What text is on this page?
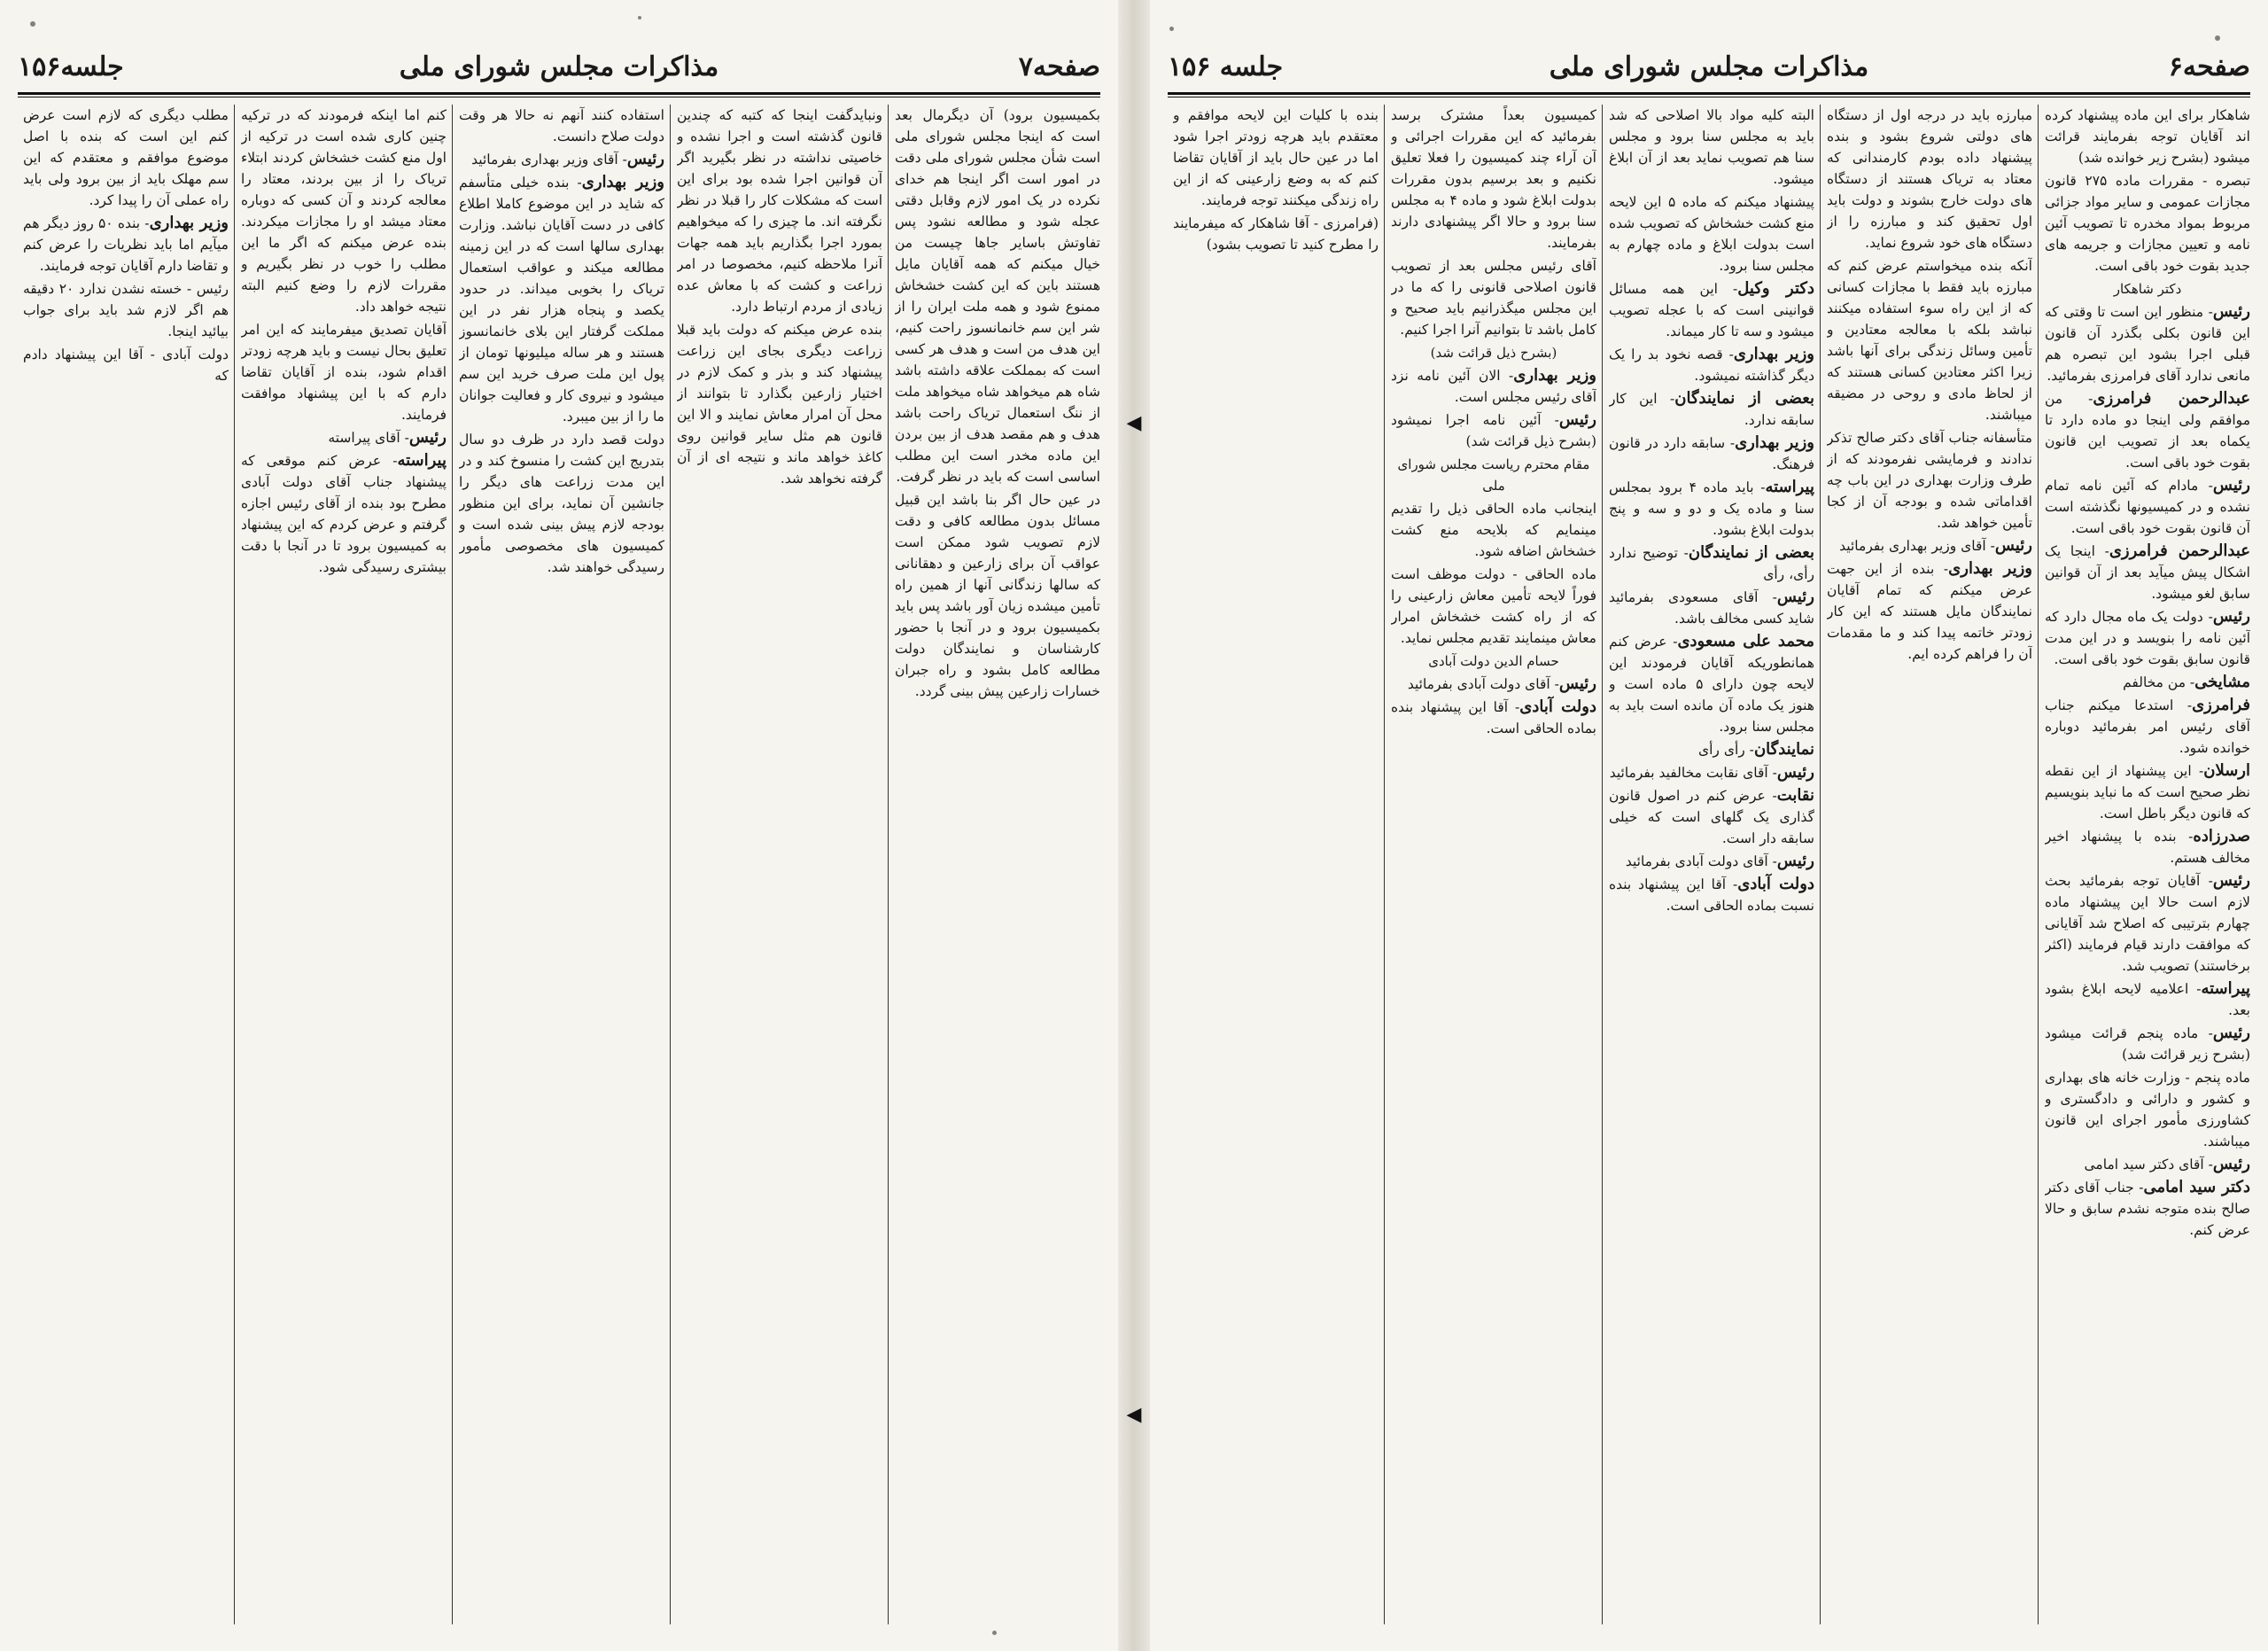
صفحه۷
مذاکرات مجلس شورای ملی
جلسه۱۵۶

بکمیسیون برود) آن دیگرمال بعد است که اینجا مجلس شورای ملی است شأن مجلس شورای ملی دقت در امور است اگر اینجا هم خدای نکرده در یک امور لازم وقابل دقتی عجله شود و مطالعه نشود پس تفاوتش باسایر جاها چیست من خیال میکنم که همه آقایان مایل هستند باین که این کشت خشخاش ممنوع شود و همه ملت ایران را از شر این سم خانمانسوز راحت کنیم، این هدف من است و هدف هر کسی است که بمملکت علاقه داشته باشد شاه هم میخواهد شاه میخواهد ملت از ننگ استعمال تریاک راحت باشد هدف و هم مقصد هدف از بین بردن این ماده مخدر است این مطلب اساسی است که باید در نظر گرفت.

در عین حال اگر بنا باشد این قبیل مسائل بدون مطالعه کافی و دقت لازم تصویب شود ممکن است عواقب آن برای زارعین و دهقانانی که سالها زندگانی آنها از همین راه تأمین میشده زیان آور باشد پس باید بکمیسیون برود و در آنجا با حضور کارشناسان و نمایندگان دولت مطالعه کامل بشود و راه جبران خسارات زارعین پیش بینی گردد.

ونبایدگفت اینجا که کتبه که چندین قانون گذشته است و اجرا نشده و خاصیتی نداشته در نظر بگیرید اگر آن قوانین اجرا شده بود برای این است که مشکلات کار را قبلا در نظر نگرفته اند. ما چیزی را که میخواهیم بمورد اجرا بگذاریم باید همه جهات آنرا ملاحظه کنیم، مخصوصا در امر زراعت و کشت که با معاش عده زیادی از مردم ارتباط دارد.

بنده عرض میکنم که دولت باید قبلا زراعت دیگری بجای این زراعت پیشنهاد کند و بذر و کمک لازم در اختیار زارعین بگذارد تا بتوانند از محل آن امرار معاش نمایند و الا این قانون هم مثل سایر قوانین روی کاغذ خواهد ماند و نتیجه ای از آن گرفته نخواهد شد.

استفاده کنند آنهم نه حالا هر وقت دولت صلاح دانست.

رئیس- آقای وزیر بهداری بفرمائید

وزیر بهداری- بنده خیلی متأسفم که شاید در این موضوع کاملا اطلاع کافی در دست آقایان نباشد. وزارت بهداری سالها است که در این زمینه مطالعه میکند و عواقب استعمال تریاک را بخوبی میداند. در حدود یکصد و پنجاه هزار نفر در این مملکت گرفتار این بلای خانمانسوز هستند و هر ساله میلیونها تومان از پول این ملت صرف خرید این سم میشود و نیروی کار و فعالیت جوانان ما را از بین میبرد.

دولت قصد دارد در ظرف دو سال بتدریج این کشت را منسوخ کند و در این مدت زراعت های دیگر را جانشین آن نماید، برای این منظور بودجه لازم پیش بینی شده است و کمیسیون های مخصوصی مأمور رسیدگی خواهند شد.

کنم اما اینکه فرمودند که در ترکیه چنین کاری شده است در ترکیه از اول منع کشت خشخاش کردند ابتلاء تریاک را از بین بردند، معتاد را معالجه کردند و آن کسی که دوباره معتاد میشد او را مجازات میکردند. بنده عرض میکنم که اگر ما این مطلب را خوب در نظر بگیریم و مقررات لازم را وضع کنیم البته نتیجه خواهد داد.

آقایان تصدیق میفرمایند که این امر تعلیق بحال نیست و باید هرچه زودتر اقدام شود، بنده از آقایان تقاضا دارم که با این پیشنهاد موافقت فرمایند.

رئیس- آقای پیراسته

پیراسته- عرض کنم موقعی که پیشنهاد جناب آقای دولت آبادی مطرح بود بنده از آقای رئیس اجازه گرفتم و عرض کردم که این پیشنهاد به کمیسیون برود تا در آنجا با دقت بیشتری رسیدگی شود.

مطلب دیگری که لازم است عرض کنم این است که بنده با اصل موضوع موافقم و معتقدم که این سم مهلک باید از بین برود ولی باید راه عملی آن را پیدا کرد.

وزیر بهداری- بنده ۵۰ روز دیگر هم میآیم اما باید نظریات را عرض کنم و تقاضا دارم آقایان توجه فرمایند.

رئیس - خسته نشدن ندارد ۲۰ دقیقه هم اگر لازم شد باید برای جواب بیائید اینجا.

دولت آبادی - آقا این پیشنهاد دادم که

◀
◀
صفحه۶
مذاکرات مجلس شورای ملی
جلسه ۱۵۶

شاهکار برای این ماده پیشنهاد کرده اند آقایان توجه بفرمایند قرائت میشود (بشرح زیر خوانده شد)

تبصره - مقررات ماده ۲۷۵ قانون مجازات عمومی و سایر مواد جزائی مربوط بمواد مخدره تا تصویب آئین نامه و تعیین مجازات و جریمه های جدید بقوت خود باقی است.

دکتر شاهکار

رئیس- منظور این است تا وقتی که این قانون بکلی بگذرد آن قانون قبلی اجرا بشود این تبصره هم مانعی ندارد آقای فرامرزی بفرمائید.

عبدالرحمن فرامرزی- من موافقم ولی اینجا دو ماده دارد تا یکماه بعد از تصویب این قانون بقوت خود باقی است.

رئیس- مادام که آئین نامه تمام نشده و در کمیسیونها نگذشته است آن قانون بقوت خود باقی است.

عبدالرحمن فرامرزی- اینجا یک اشکال پیش میآید بعد از آن قوانین سابق لغو میشود.

رئیس- دولت یک ماه مجال دارد که آئین نامه را بنویسد و در این مدت قانون سابق بقوت خود باقی است.

مشایخی- من مخالفم

فرامرزی- استدعا میکنم جناب آقای رئیس امر بفرمائید دوباره خوانده شود.

ارسلان- این پیشنهاد از این نقطه نظر صحیح است که ما نباید بنویسیم که قانون دیگر باطل است.

صدرزاده- بنده با پیشنهاد اخیر مخالف هستم.

رئیس- آقایان توجه بفرمائید بحث لازم است حالا این پیشنهاد ماده چهارم بترتیبی که اصلاح شد آقایانی که موافقت دارند قیام فرمایند (اکثر برخاستند) تصویب شد.

پیراسته- اعلامیه لایحه ابلاغ بشود بعد.

رئیس- ماده پنجم قرائت میشود (بشرح زیر قرائت شد)

ماده پنجم - وزارت خانه های بهداری و کشور و دارائی و دادگستری و کشاورزی مأمور اجرای این قانون میباشند.

رئیس- آقای دکتر سید امامی

دکتر سید امامی- جناب آقای دکتر صالح بنده متوجه نشدم سابق و حالا عرض کنم.

مبارزه باید در درجه اول از دستگاه های دولتی شروع بشود و بنده پیشنهاد داده بودم کارمندانی که معتاد به تریاک هستند از دستگاه های دولت خارج بشوند و دولت باید اول تحقیق کند و مبارزه را از دستگاه های خود شروع نماید.

آنکه بنده میخواستم عرض کنم که مبارزه باید فقط با مجازات کسانی که از این راه سوء استفاده میکنند نباشد بلکه با معالجه معتادین و تأمین وسائل زندگی برای آنها باشد زیرا اکثر معتادین کسانی هستند که از لحاظ مادی و روحی در مضیقه میباشند.

متأسفانه جناب آقای دکتر صالح تذکر ندادند و فرمایشی نفرمودند که از طرف وزارت بهداری در این باب چه اقداماتی شده و بودجه آن از کجا تأمین خواهد شد.

رئیس- آقای وزیر بهداری بفرمائید

وزیر بهداری- بنده از این جهت عرض میکنم که تمام آقایان نمایندگان مایل هستند که این کار زودتر خاتمه پیدا کند و ما مقدمات آن را فراهم کرده ایم.

البته کلیه مواد بالا اصلاحی که شد باید به مجلس سنا برود و مجلس سنا هم تصویب نماید بعد از آن ابلاغ میشود.

پیشنهاد میکنم که ماده ۵ این لایحه منع کشت خشخاش که تصویب شده است بدولت ابلاغ و ماده چهارم به مجلس سنا برود.

دکتر وکیل- این همه مسائل قوانینی است که با عجله تصویب میشود و سه تا کار میماند.

وزیر بهداری- قصه نخود بد را یک دیگر گذاشته نمیشود.

بعضی از نمایندگان- این کار سابقه ندارد.

وزیر بهداری- سابقه دارد در قانون فرهنگ.

پیراسته- باید ماده ۴ برود بمجلس سنا و ماده یک و دو و سه و پنج بدولت ابلاغ بشود.

بعضی از نمایندگان- توضیح ندارد رأی، رأی

رئیس- آقای مسعودی بفرمائید شاید کسی مخالف باشد.

محمد علی مسعودی- عرض کنم همانطوریکه آقایان فرمودند این لایحه چون دارای ۵ ماده است و هنوز یک ماده آن مانده است باید به مجلس سنا برود.

نمایندگان- رأی رأی

رئیس- آقای نقابت مخالفید بفرمائید

نقابت- عرض کنم در اصول قانون گذاری یک گلهای است که خیلی سابقه دار است.

رئیس- آقای دولت آبادی بفرمائید

دولت آبادی- آقا این پیشنهاد بنده نسبت بماده الحاقی است.

کمیسیون بعداً مشترک برسد بفرمائید که این مقررات اجرائی و آن آراء چند کمیسیون را فعلا تعلیق نکنیم و بعد برسیم بدون مقررات بدولت ابلاغ شود و ماده ۴ به مجلس سنا برود و حالا اگر پیشنهادی دارند بفرمایند.

آقای رئیس مجلس بعد از تصویب قانون اصلاحی قانونی را که ما در این مجلس میگذرانیم باید صحیح و کامل باشد تا بتوانیم آنرا اجرا کنیم.

(بشرح ذیل قرائت شد)

وزیر بهداری- الان آئین نامه نزد آقای رئیس مجلس است.

رئیس- آئین نامه اجرا نمیشود (بشرح ذیل قرائت شد)

مقام محترم ریاست مجلس شورای ملی

اینجانب ماده الحاقی ذیل را تقدیم مینمایم که بلایحه منع کشت خشخاش اضافه شود.

ماده الحاقی - دولت موظف است فوراً لایحه تأمین معاش زارعینی را که از راه کشت خشخاش امرار معاش مینمایند تقدیم مجلس نماید.

حسام الدین دولت آبادی

رئیس- آقای دولت آبادی بفرمائید

دولت آبادی- آقا این پیشنهاد بنده بماده الحاقی است.

بنده با کلیات این لایحه موافقم و معتقدم باید هرچه زودتر اجرا شود اما در عین حال باید از آقایان تقاضا کنم که به وضع زارعینی که از این راه زندگی میکنند توجه فرمایند.

(فرامرزی - آقا شاهکار که میفرمایند را مطرح کنید تا تصویب بشود)
